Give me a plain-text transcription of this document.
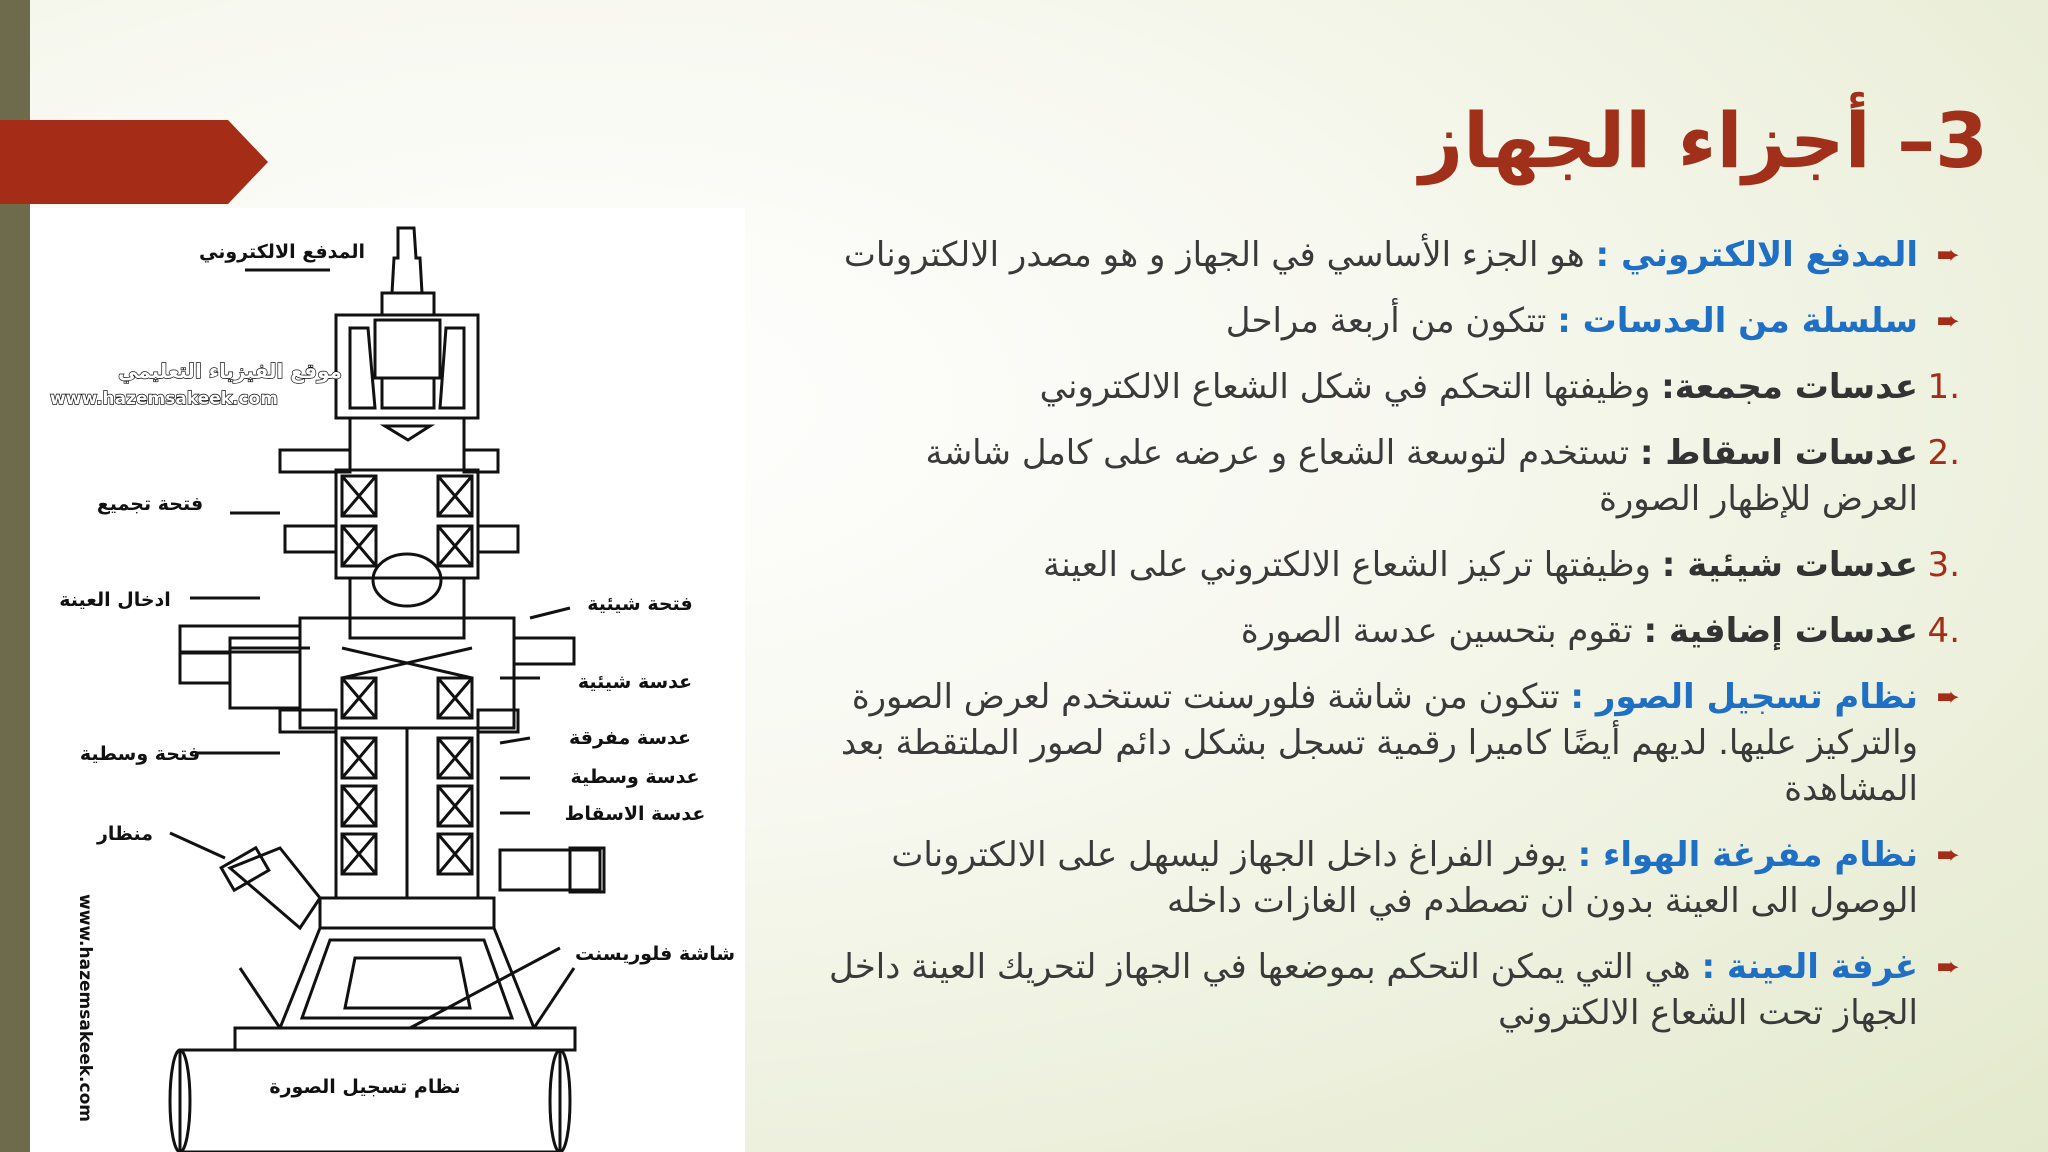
3– أجزاء الجهاز
المدفع الالكتروني
موقع الفيزياء التعليمي
www.hazemsakeek.com
فتحة تجميع
ادخال العينة	فتحة شيئية
عدسة شيئية
عدسة مفرقة
عدسة وسطية
عدسة الاسقاط
فتحة وسطية
منظار
شاشة فلوريسنت
نظام تسجيل الصورة
www.hazemsakeek.com
➨
المدفع الالكتروني : هو الجزء الأساسي في الجهاز و هو مصدر الالكترونات
➨
سلسلة من العدسات : تتكون من أربعة مراحل
.1
عدسات مجمعة: وظيفتها التحكم في شكل الشعاع الالكتروني
.2
عدسات اسقاط : تستخدم لتوسعة الشعاع و عرضه على كامل شاشة العرض للإظهار الصورة
.3
عدسات شيئية : وظيفتها تركيز الشعاع الالكتروني على العينة
.4
عدسات إضافية : تقوم بتحسين عدسة الصورة
➨
نظام تسجيل الصور : تتكون من شاشة فلورسنت تستخدم لعرض الصورة والتركيز عليها. لديهم أيضًا كاميرا رقمية تسجل بشكل دائم لصور الملتقطة بعد المشاهدة
➨
نظام مفرغة الهواء : يوفر الفراغ داخل الجهاز ليسهل على الالكترونات الوصول الى العينة بدون ان تصطدم في الغازات داخله
➨
غرفة العينة : هي التي يمكن التحكم بموضعها في الجهاز لتحريك العينة داخل الجهاز تحت الشعاع الالكتروني
